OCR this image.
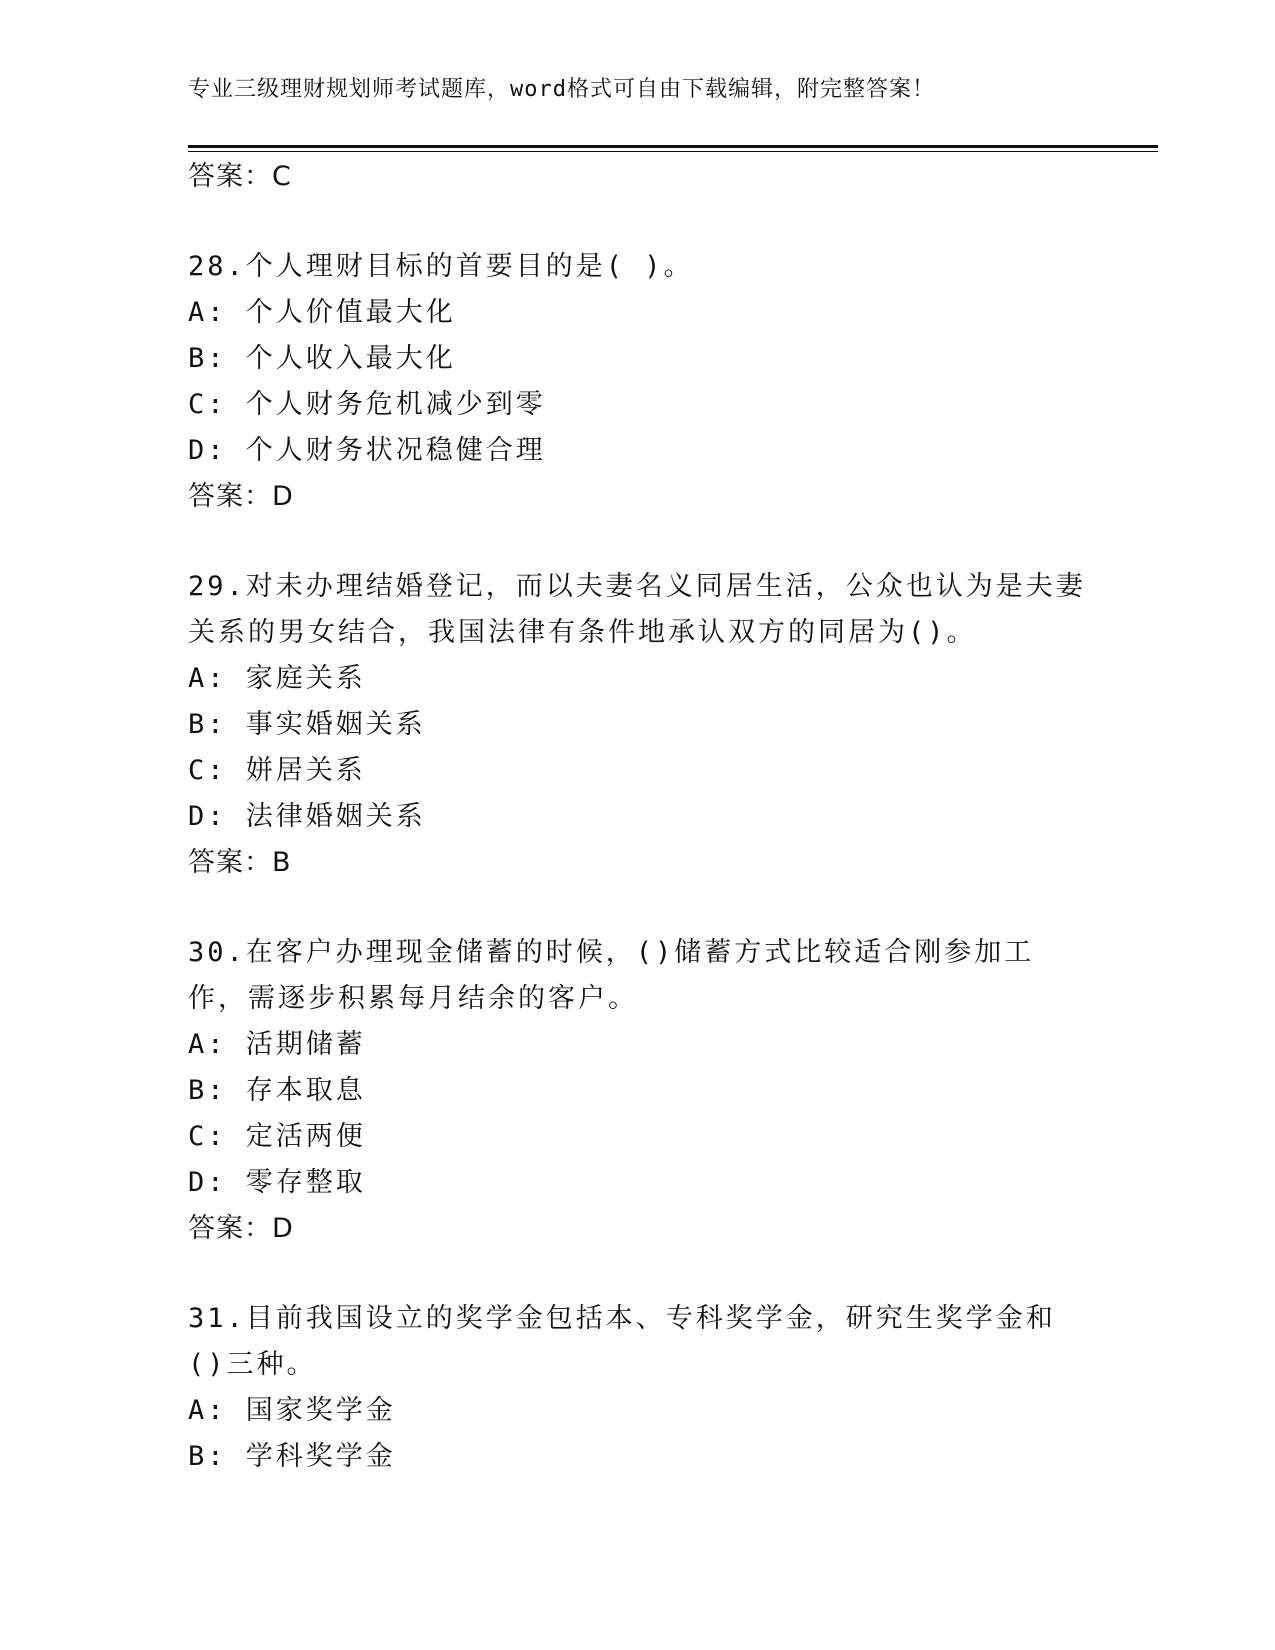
专业三级理财规划师考试题库，word格式可自由下载编辑，附完整答案！
答案：C
28.个人理财目标的首要目的是( )。
A: 个人价值最大化
B: 个人收入最大化
C: 个人财务危机减少到零
D: 个人财务状况稳健合理
答案：D
29.对未办理结婚登记，而以夫妻名义同居生活，公众也认为是夫妻关系的男女结合，我国法律有条件地承认双方的同居为()。
A: 家庭关系
B: 事实婚姻关系
C: 姘居关系
D: 法律婚姻关系
答案：B
30.在客户办理现金储蓄的时候，()储蓄方式比较适合刚参加工作，需逐步积累每月结余的客户。
A: 活期储蓄
B: 存本取息
C: 定活两便
D: 零存整取
答案：D
31.目前我国设立的奖学金包括本、专科奖学金，研究生奖学金和()三种。
A: 国家奖学金
B: 学科奖学金
